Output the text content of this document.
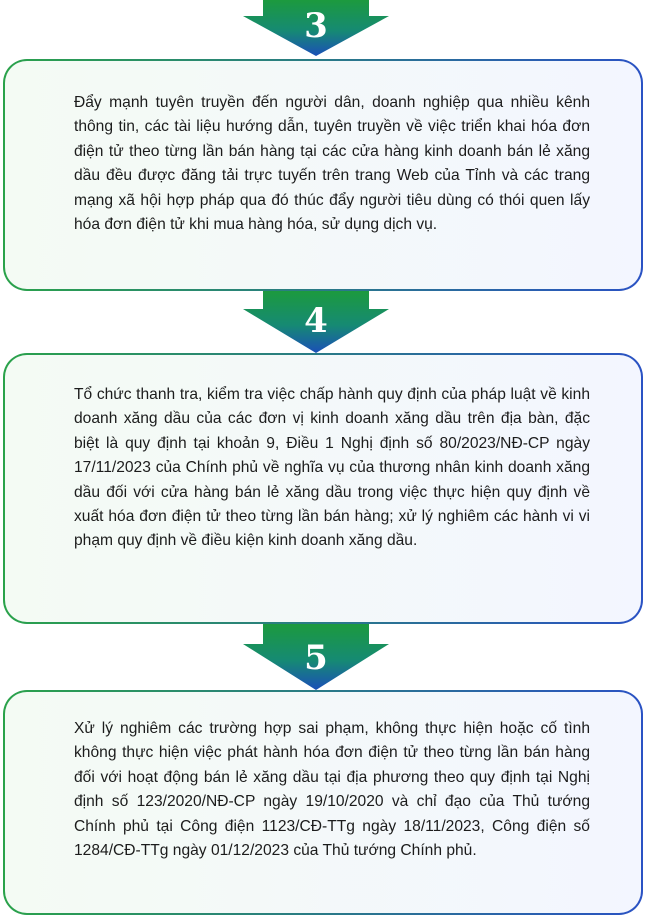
3

Đẩy mạnh tuyên truyền đến người dân, doanh nghiệp qua nhiều kênh thông tin, các tài liệu hướng dẫn, tuyên truyền về việc triển khai hóa đơn điện tử theo từng lần bán hàng tại các cửa hàng kinh doanh bán lẻ xăng dầu đều được đăng tải trực tuyến trên trang Web của Tỉnh và các trang mạng xã hội hợp pháp qua đó thúc đẩy người tiêu dùng có thói quen lấy hóa đơn điện tử khi mua hàng hóa, sử dụng dịch vụ.

4

Tổ chức thanh tra, kiểm tra việc chấp hành quy định của pháp luật về kinh doanh xăng dầu của các đơn vị kinh doanh xăng dầu trên địa bàn, đặc biệt là quy định tại khoản 9, Điều 1 Nghị định số 80/2023/NĐ-CP ngày 17/11/2023 của Chính phủ về nghĩa vụ của thương nhân kinh doanh xăng dầu đối với cửa hàng bán lẻ xăng dầu trong việc thực hiện quy định về xuất hóa đơn điện tử theo từng lần bán hàng; xử lý nghiêm các hành vi vi phạm quy định về điều kiện kinh doanh xăng dầu.

5

Xử lý nghiêm các trường hợp sai phạm, không thực hiện hoặc cố tình không thực hiện việc phát hành hóa đơn điện tử theo từng lần bán hàng đối với hoạt động bán lẻ xăng dầu tại địa phương theo quy định tại Nghị định số 123/2020/NĐ-CP ngày 19/10/2020 và chỉ đạo của Thủ tướng Chính phủ tại Công điện 1123/CĐ-TTg ngày 18/11/2023, Công điện số 1284/CĐ-TTg ngày 01/12/2023 của Thủ tướng Chính phủ.
